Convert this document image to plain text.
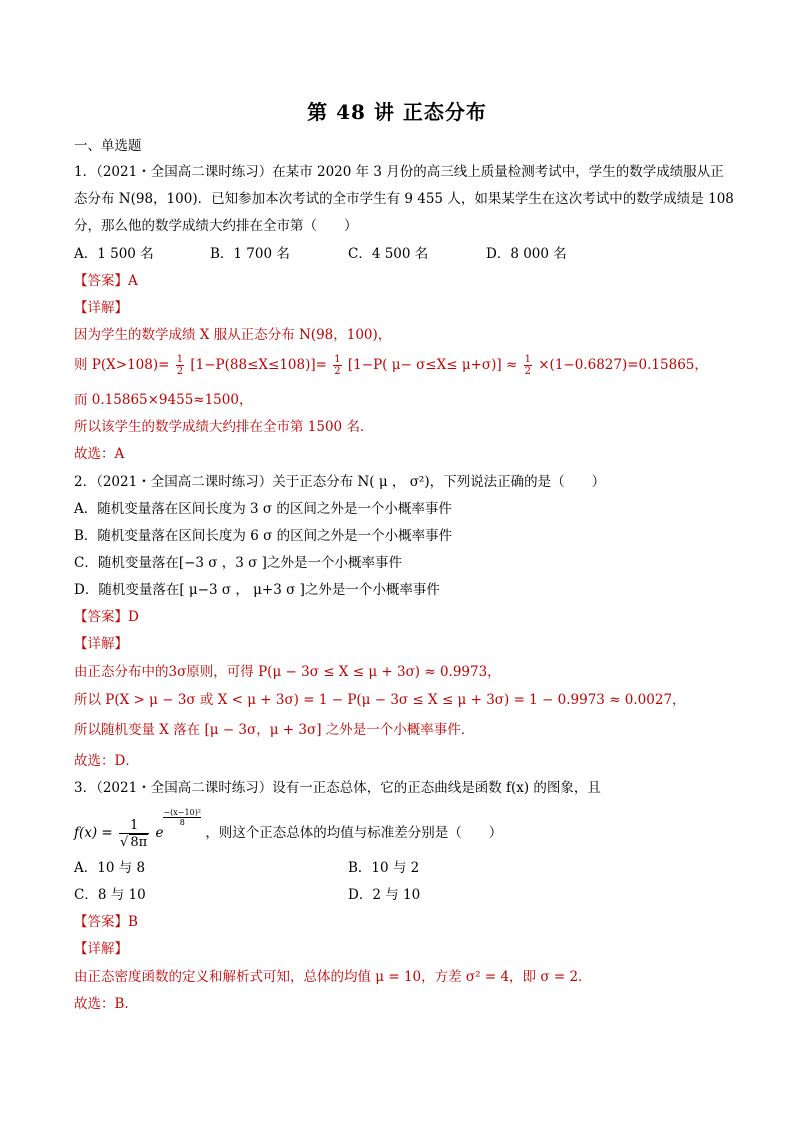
第 48 讲 正态分布
一、单选题
1．（2021・全国高二课时练习）在某市 2020 年 3 月份的高三线上质量检测考试中，学生的数学成绩服从正
态分布 N(98，100)．已知参加本次考试的全市学生有 9 455 人，如果某学生在这次考试中的数学成绩是 108
分，那么他的数学成绩大约排在全市第（　　）
A．1 500 名	B．1 700 名	C．4 500 名	D．8 000 名
【答案】A
【详解】
因为学生的数学成绩 X 服从正态分布 N(98，100)，
则 $P(X>108)= \frac{1}{2} [1-P(88\le X\le 108)]= \frac{1}{2} [1-P$( $\mu- \sigma\le X\le \mu+\sigma)] \approx \frac{1}{2} \times(1-0.6827)=0.15865$，
而 0.15865×9455≈1500，
所以该学生的数学成绩大约排在全市第 1500 名．
故选：A
2．（2021・全国高二课时练习）关于正态分布 N( μ ， σ²)，下列说法正确的是（　　）
A．随机变量落在区间长度为 3 σ 的区间之外是一个小概率事件
B．随机变量落在区间长度为 6 σ 的区间之外是一个小概率事件
C．随机变量落在[−3 σ ，3 σ ]之外是一个小概率事件
D．随机变量落在[ μ−3 σ ， μ+3 σ ]之外是一个小概率事件
【答案】D
【详解】
由正态分布中的3σ原则，可得 P(μ − 3σ ≤ X ≤ μ + 3σ) ≈ 0.9973，
所以 P(X > μ − 3σ 或 X < μ + 3σ) = 1 − P(μ − 3σ ≤ X ≤ μ + 3σ) = 1 − 0.9973 ≈ 0.0027，
所以随机变量 X 落在 [μ − 3σ，μ + 3σ] 之外是一个小概率事件．
故选：D．
3．（2021・全国高二课时练习）设有一正态总体，它的正态曲线是函数 f(x) 的图象，且
$f(x) = \frac{1}{√ 8\pi}$ e
$\frac{\text{−(x−10)²}}{8}$
，则这个正态总体的均值与标准差分别是（　　）
A．10 与 8	B．10 与 2
C．8 与 10	D．2 与 10
【答案】B
【详解】
由正态密度函数的定义和解析式可知，总体的均值 μ = 10，方差 σ² = 4，即 σ = 2．
故选：B.
